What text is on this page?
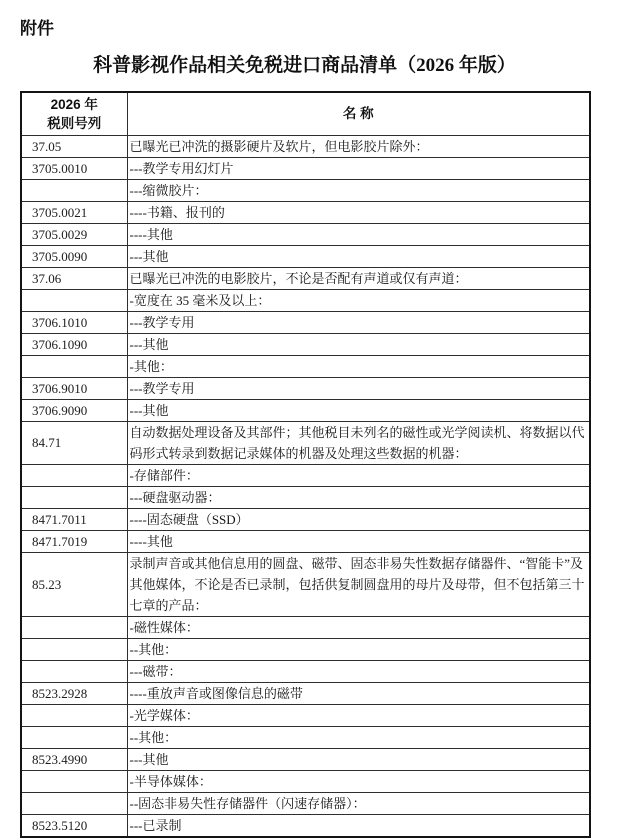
附件
科普影视作品相关免税进口商品清单（2026 年版）
2026 年
税则号列	名 称
37.05	已曝光已冲洗的摄影硬片及软片，但电影胶片除外：
3705.0010	---教学专用幻灯片
	---缩微胶片：
3705.0021	----书籍、报刊的
3705.0029	----其他
3705.0090	---其他
37.06	已曝光已冲洗的电影胶片，不论是否配有声道或仅有声道：
	-宽度在 35 毫米及以上：
3706.1010	---教学专用
3706.1090	---其他
	-其他：
3706.9010	---教学专用
3706.9090	---其他
84.71	自动数据处理设备及其部件；其他税目未列名的磁性或光学阅读机、将数据以代码形式转录到数据记录媒体的机器及处理这些数据的机器：
	-存储部件：
	---硬盘驱动器：
8471.7011	----固态硬盘（SSD）
8471.7019	----其他
85.23	录制声音或其他信息用的圆盘、磁带、固态非易失性数据存储器件、“智能卡”及其他媒体，不论是否已录制，包括供复制圆盘用的母片及母带，但不包括第三十七章的产品：
	-磁性媒体：
	--其他：
	---磁带：
8523.2928	----重放声音或图像信息的磁带
	-光学媒体：
	--其他：
8523.4990	---其他
	-半导体媒体：
	--固态非易失性存储器件（闪速存储器）：
8523.5120	---已录制
